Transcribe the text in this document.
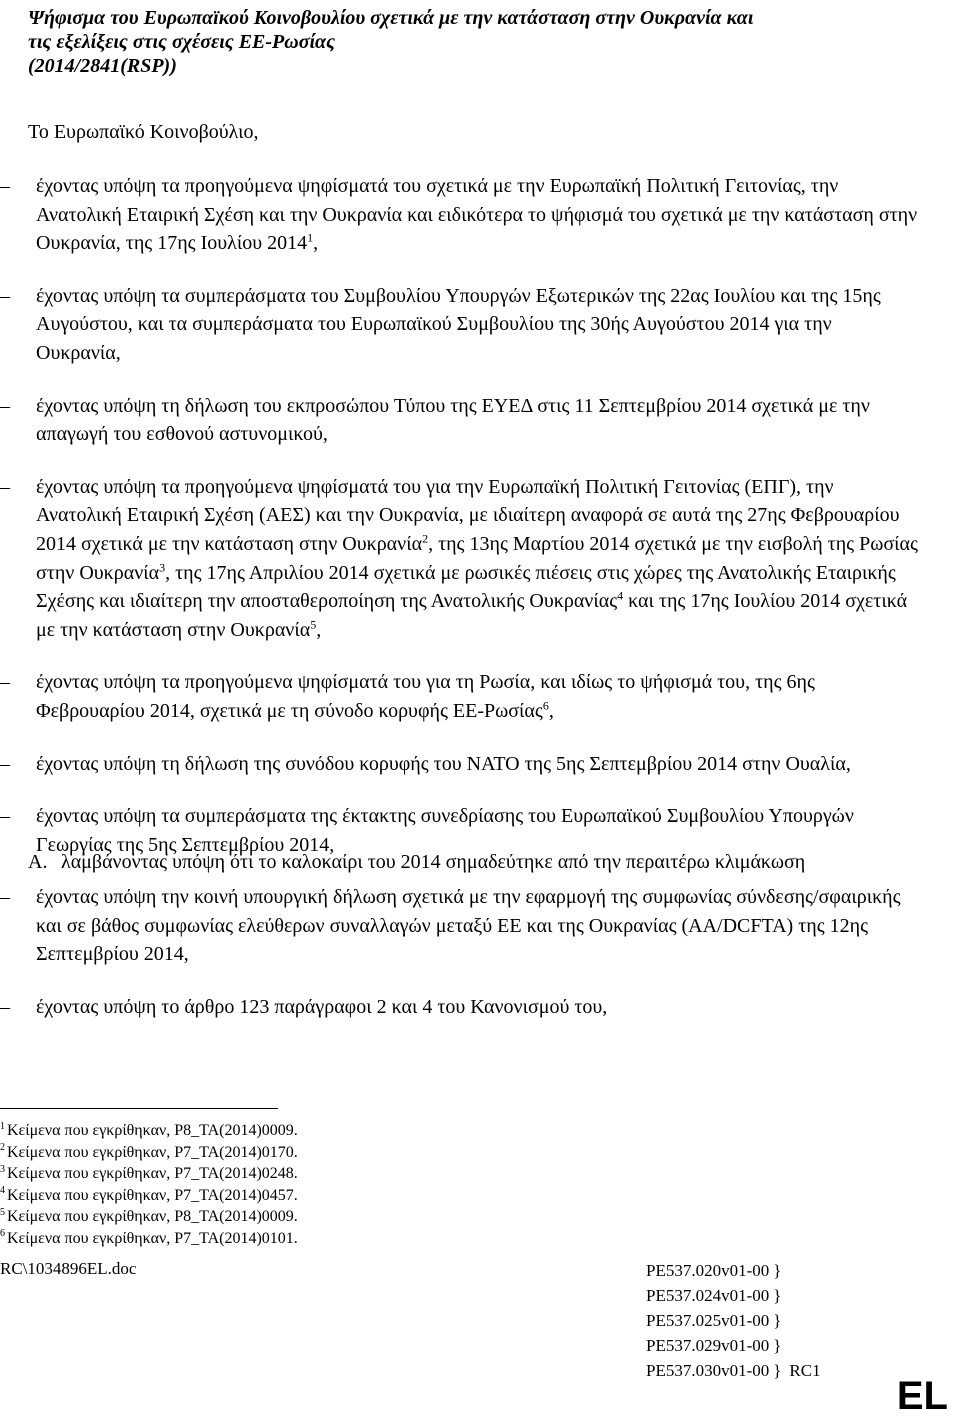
Ψήφισμα του Ευρωπαϊκού Κοινοβουλίου σχετικά με την κατάσταση στην Ουκρανία και
τις εξελίξεις στις σχέσεις ΕΕ-Ρωσίας
(2014/2841(RSP))
Το Ευρωπαϊκό Κοινοβούλιο,
–	έχοντας υπόψη τα προηγούμενα ψηφίσματά του σχετικά με την Ευρωπαϊκή Πολιτική Γειτονίας, την Ανατολική Εταιρική Σχέση και την Ουκρανία και ειδικότερα το ψήφισμά του σχετικά με την κατάσταση στην Ουκρανία, της 17ης Ιουλίου 2014$^1$,
–	έχοντας υπόψη τα συμπεράσματα του Συμβουλίου Υπουργών Εξωτερικών της 22ας Ιουλίου και της 15ης Αυγούστου, και τα συμπεράσματα του Ευρωπαϊκού Συμβουλίου της 30ής Αυγούστου 2014 για την Ουκρανία,
–	έχοντας υπόψη τη δήλωση του εκπροσώπου Τύπου της ΕΥΕΔ στις 11 Σεπτεμβρίου 2014 σχετικά με την απαγωγή του εσθονού αστυνομικού,
–	έχοντας υπόψη τα προηγούμενα ψηφίσματά του για την Ευρωπαϊκή Πολιτική Γειτονίας (ΕΠΓ), την Ανατολική Εταιρική Σχέση (ΑΕΣ) και την Ουκρανία, με ιδιαίτερη αναφορά σε αυτά της 27ης Φεβρουαρίου 2014 σχετικά με την κατάσταση στην Ουκρανία$^2$, της 13ης Μαρτίου 2014 σχετικά με την εισβολή της Ρωσίας στην Ουκρανία$^3$, της 17ης Απριλίου 2014 σχετικά με ρωσικές πιέσεις στις χώρες της Ανατολικής Εταιρικής Σχέσης και ιδιαίτερη την αποσταθεροποίηση της Ανατολικής Ουκρανίας$^4$ και της 17ης Ιουλίου 2014 σχετικά με την κατάσταση στην Ουκρανία$^5$,
–	έχοντας υπόψη τα προηγούμενα ψηφίσματά του για τη Ρωσία, και ιδίως το ψήφισμά του, της 6ης Φεβρουαρίου 2014, σχετικά με τη σύνοδο κορυφής ΕΕ-Ρωσίας$^6$,
–	έχοντας υπόψη τη δήλωση της συνόδου κορυφής του ΝΑΤΟ της 5ης Σεπτεμβρίου 2014 στην Ουαλία,
–	έχοντας υπόψη τα συμπεράσματα της έκτακτης συνεδρίασης του Ευρωπαϊκού Συμβουλίου Υπουργών Γεωργίας της 5ης Σεπτεμβρίου 2014,
–	έχοντας υπόψη την κοινή υπουργική δήλωση σχετικά με την εφαρμογή της συμφωνίας σύνδεσης/σφαιρικής και σε βάθος συμφωνίας ελεύθερων συναλλαγών μεταξύ ΕΕ και της Ουκρανίας (AA/DCFTA) της 12ης Σεπτεμβρίου 2014,
–	έχοντας υπόψη το άρθρο 123 παράγραφοι 2 και 4 του Κανονισμού του,
Α. λαμβάνοντας υπόψη ότι το καλοκαίρι του 2014 σημαδεύτηκε από την περαιτέρω κλιμάκωση
$^1$ Κείμενα που εγκρίθηκαν, P8_TA(2014)0009.
$^2$ Κείμενα που εγκρίθηκαν, P7_TA(2014)0170.
$^3$ Κείμενα που εγκρίθηκαν, P7_TA(2014)0248.
$^4$ Κείμενα που εγκρίθηκαν, P7_TA(2014)0457.
$^5$ Κείμενα που εγκρίθηκαν, P8_TA(2014)0009.
$^6$ Κείμενα που εγκρίθηκαν, P7_TA(2014)0101.
RC\1034896EL.doc	PE537.020v01-00 }
PE537.024v01-00 }
PE537.025v01-00 }
PE537.029v01-00 }
PE537.030v01-00 } RC1
EL
